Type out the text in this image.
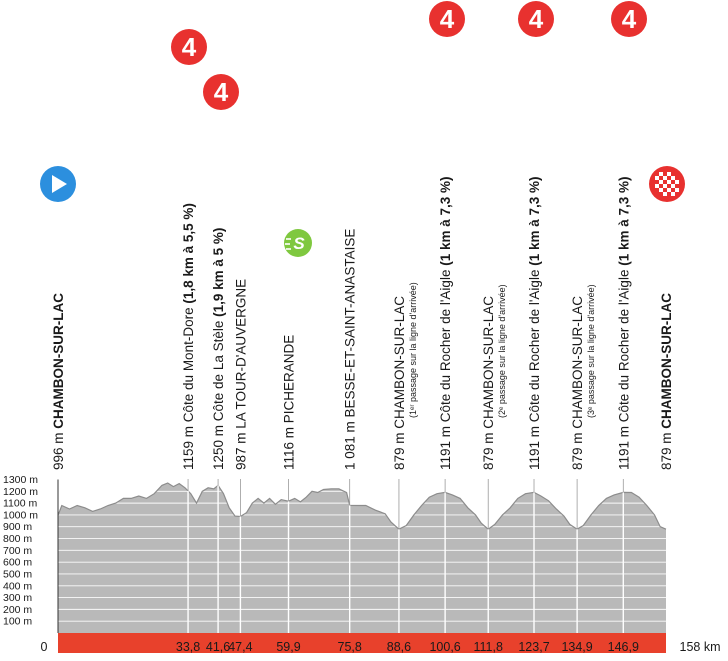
100 m
200 m
300 m
400 m
500 m
600 m
700 m
800 m
900 m
1000 m
1100 m
1200 m
1300 m
33,8 41,6
47,4 59,9	75,8 88,6 100,6 111,8 123,7 134,9 146,9
0	158 km
996 m CHAMBON-SUR-LAC
1159 m Côte du Mont-Dore (1,8 km à 5,5 %)
1250 m Côte de La Stèle (1,9 km à 5 %)
987 m LA TOUR-D'AUVERGNE
1116 m PICHERANDE
1 081 m BESSE-ET-SAINT-ANASTAISE
879 m CHAMBON-SUR-LAC (1ᵉʳ passage sur la ligne d'arrivée)
1191 m Côte du Rocher de l'Aigle (1 km à 7,3 %)
879 m CHAMBON-SUR-LAC (2ᵉ passage sur la ligne d'arrivée)
1191 m Côte du Rocher de l'Aigle (1 km à 7,3 %)
879 m CHAMBON-SUR-LAC (3ᵉ passage sur la ligne d'arrivée)
1191 m Côte du Rocher de l'Aigle (1 km à 7,3 %)
879 m CHAMBON-SUR-LAC
4
4
S
4	4	4
